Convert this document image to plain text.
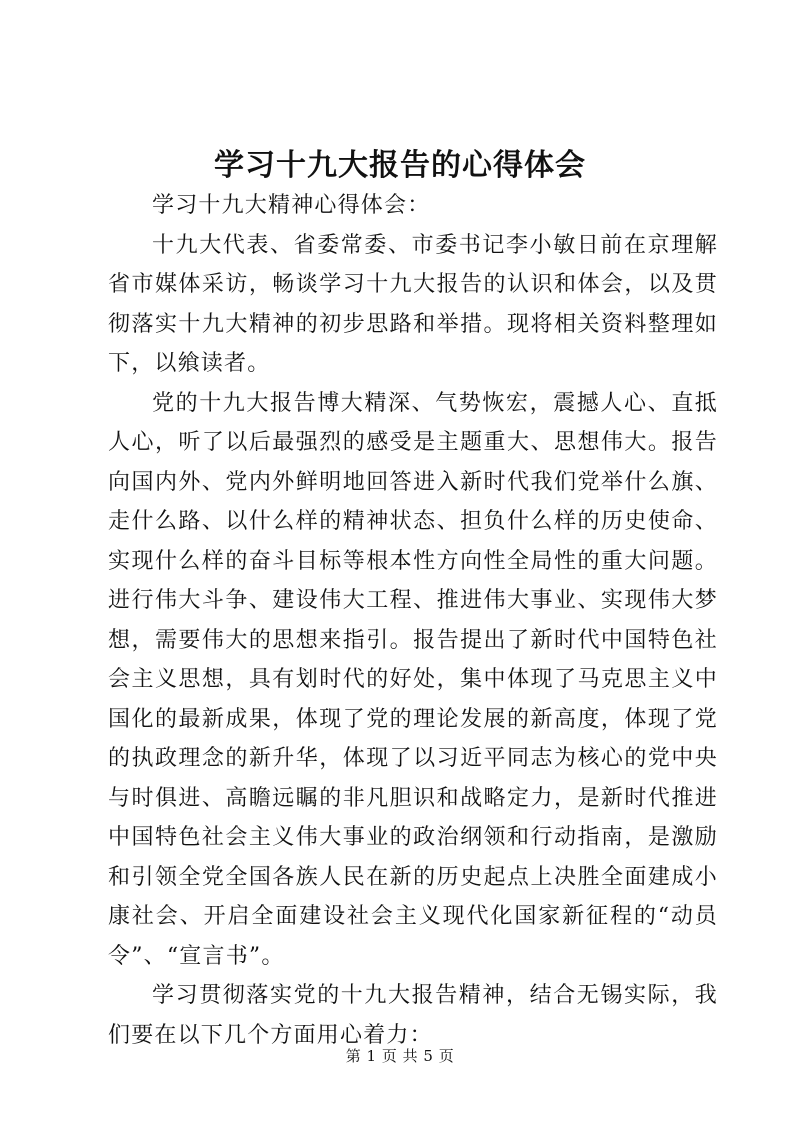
学习十九大报告的心得体会

学习十九大精神心得体会：

十九大代表、省委常委、市委书记李小敏日前在京理解省市媒体采访，畅谈学习十九大报告的认识和体会，以及贯彻落实十九大精神的初步思路和举措。现将相关资料整理如下，以飨读者。

党的十九大报告博大精深、气势恢宏，震撼人心、直抵人心，听了以后最强烈的感受是主题重大、思想伟大。报告向国内外、党内外鲜明地回答进入新时代我们党举什么旗、走什么路、以什么样的精神状态、担负什么样的历史使命、实现什么样的奋斗目标等根本性方向性全局性的重大问题。进行伟大斗争、建设伟大工程、推进伟大事业、实现伟大梦想，需要伟大的思想来指引。报告提出了新时代中国特色社会主义思想，具有划时代的好处，集中体现了马克思主义中国化的最新成果，体现了党的理论发展的新高度，体现了党的执政理念的新升华，体现了以习近平同志为核心的党中央与时俱进、高瞻远瞩的非凡胆识和战略定力，是新时代推进中国特色社会主义伟大事业的政治纲领和行动指南，是激励和引领全党全国各族人民在新的历史起点上决胜全面建成小康社会、开启全面建设社会主义现代化国家新征程的“动员令”、“宣言书”。

学习贯彻落实党的十九大报告精神，结合无锡实际，我们要在以下几个方面用心着力：

第 1 页 共 5 页
